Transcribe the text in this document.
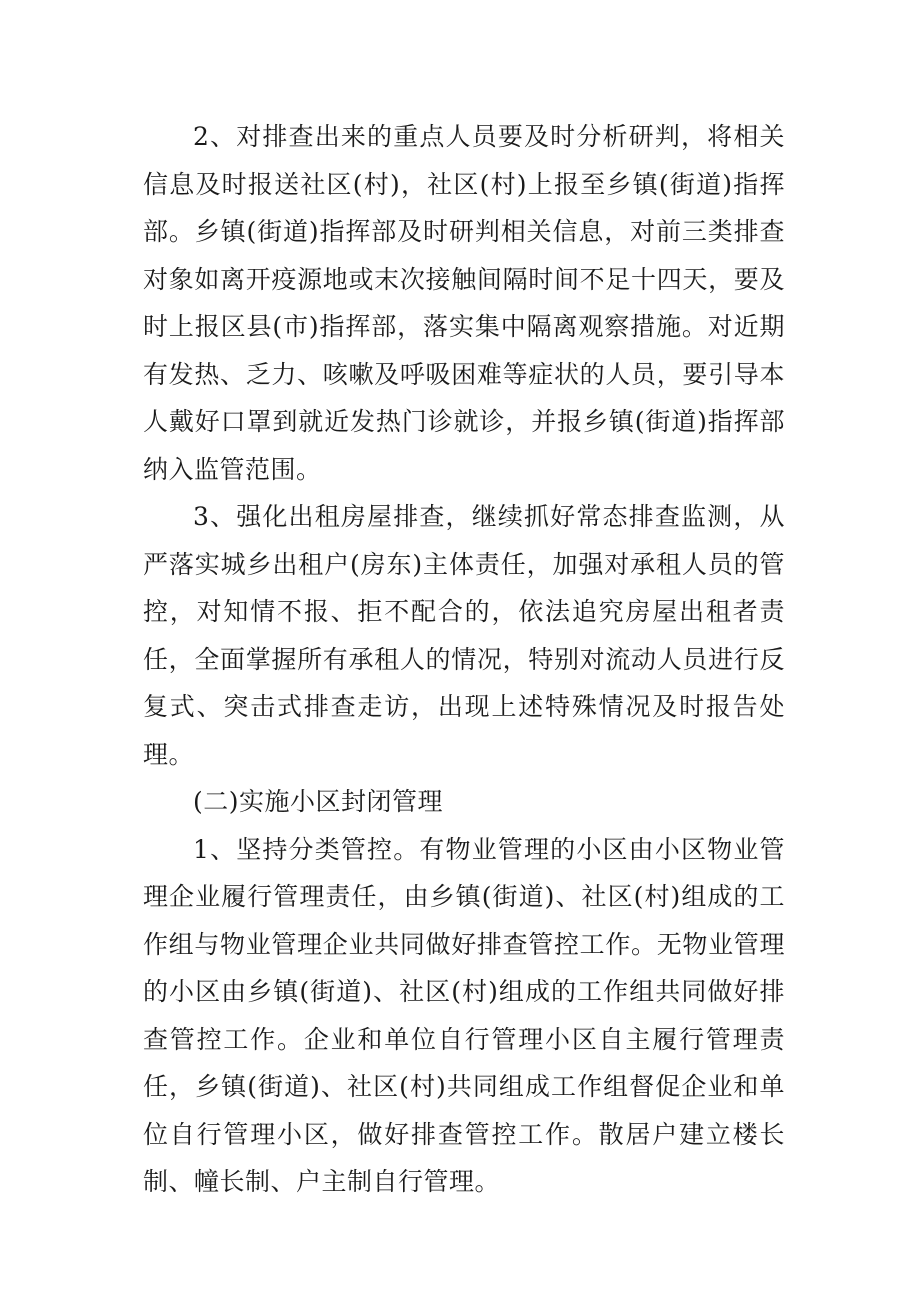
2、对排查出来的重点人员要及时分析研判，将相关信息及时报送社区(村)，社区(村)上报至乡镇(街道)指挥部。乡镇(街道)指挥部及时研判相关信息，对前三类排查对象如离开疫源地或末次接触间隔时间不足十四天，要及时上报区县(市)指挥部，落实集中隔离观察措施。对近期有发热、乏力、咳嗽及呼吸困难等症状的人员，要引导本人戴好口罩到就近发热门诊就诊，并报乡镇(街道)指挥部纳入监管范围。

3、强化出租房屋排查，继续抓好常态排查监测，从严落实城乡出租户(房东)主体责任，加强对承租人员的管控，对知情不报、拒不配合的，依法追究房屋出租者责任，全面掌握所有承租人的情况，特别对流动人员进行反复式、突击式排查走访，出现上述特殊情况及时报告处理。

(二)实施小区封闭管理

1、坚持分类管控。有物业管理的小区由小区物业管理企业履行管理责任，由乡镇(街道)、社区(村)组成的工作组与物业管理企业共同做好排查管控工作。无物业管理的小区由乡镇(街道)、社区(村)组成的工作组共同做好排查管控工作。企业和单位自行管理小区自主履行管理责任，乡镇(街道)、社区(村)共同组成工作组督促企业和单位自行管理小区，做好排查管控工作。散居户建立楼长制、幢长制、户主制自行管理。
